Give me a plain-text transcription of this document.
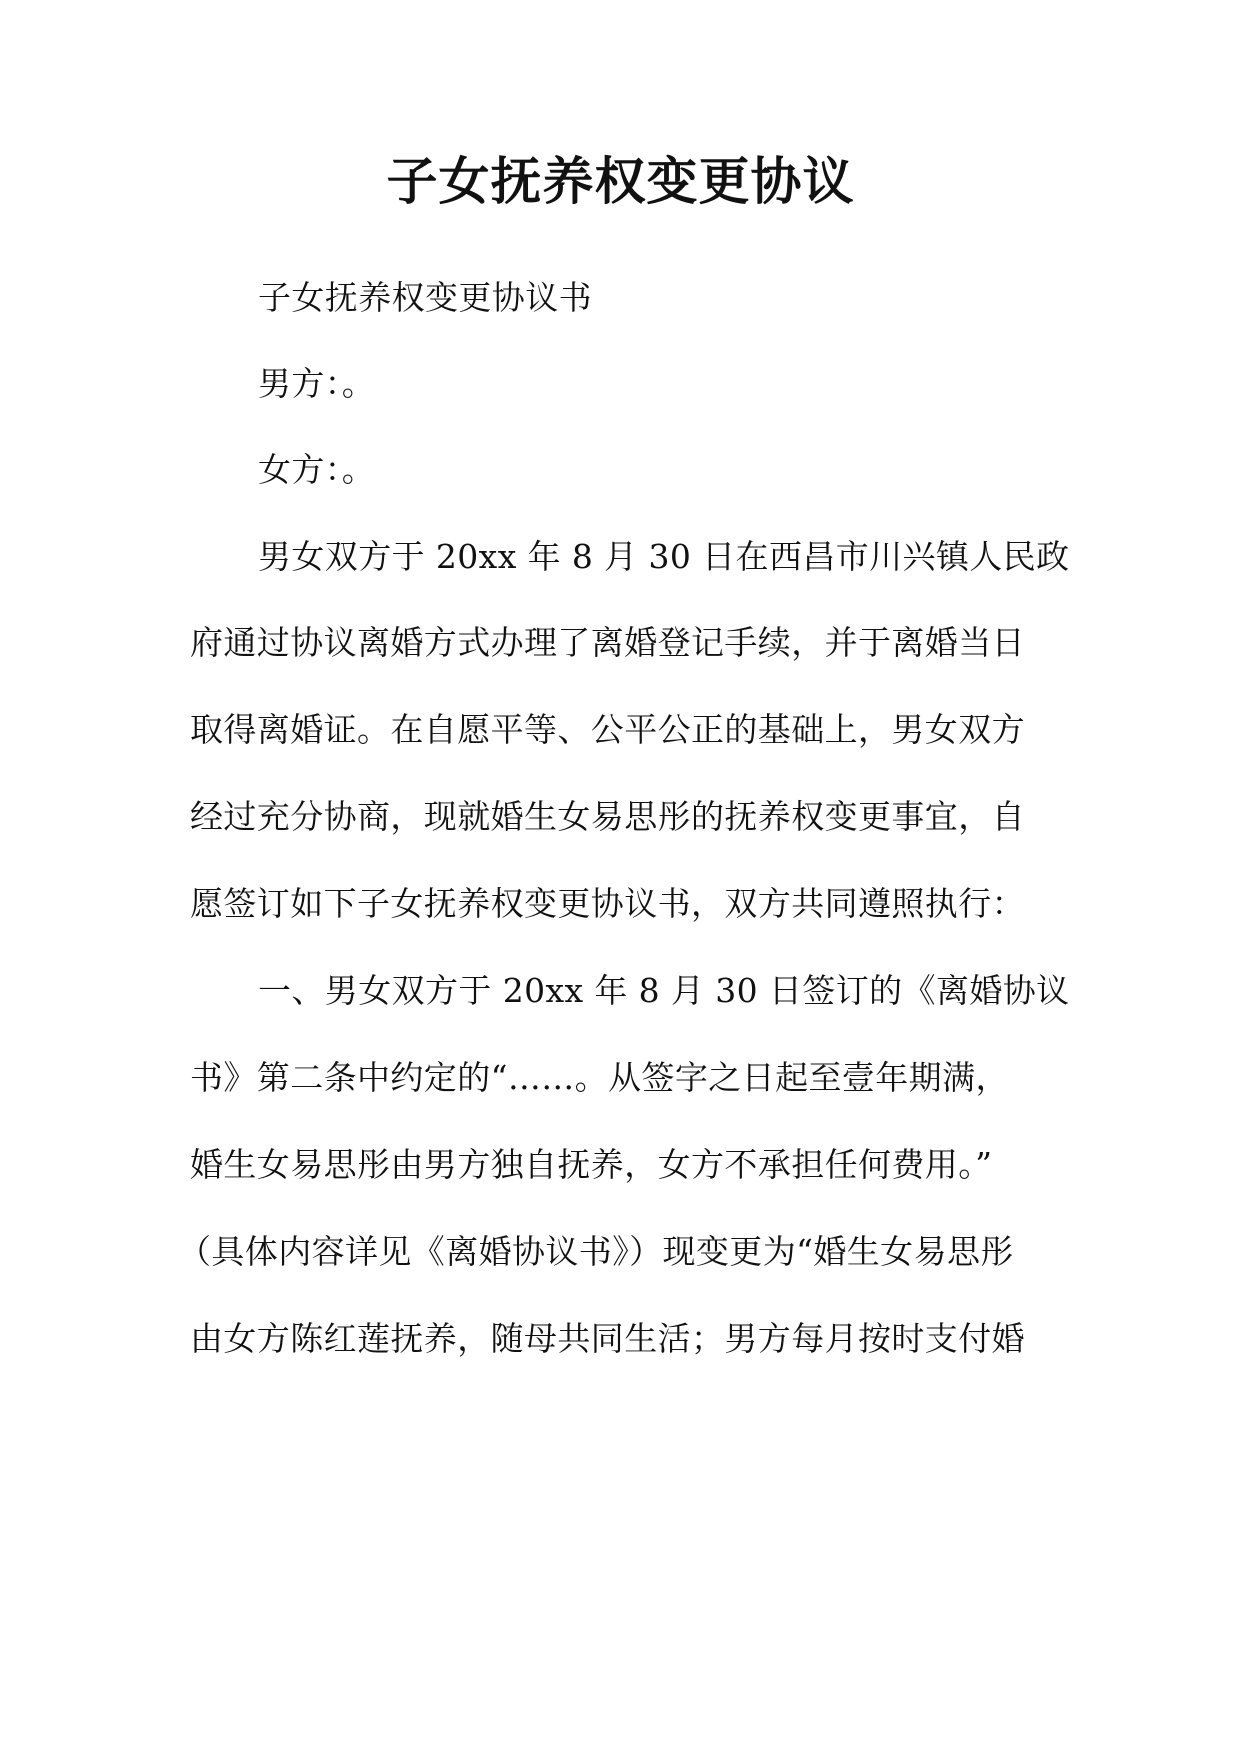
子女抚养权变更协议
子女抚养权变更协议书
男方：。
女方：。
男女双方于 20xx 年 8 月 30 日在西昌市川兴镇人民政
府通过协议离婚方式办理了离婚登记手续，并于离婚当日
取得离婚证。在自愿平等、公平公正的基础上，男女双方
经过充分协商，现就婚生女易思彤的抚养权变更事宜，自
愿签订如下子女抚养权变更协议书，双方共同遵照执行：
一、男女双方于 20xx 年 8 月 30 日签订的《离婚协议
书》第二条中约定的“……。从签字之日起至壹年期满，
婚生女易思彤由男方独自抚养，女方不承担任何费用。”
（具体内容详见《离婚协议书》）现变更为“婚生女易思彤
由女方陈红莲抚养，随母共同生活；男方每月按时支付婚
